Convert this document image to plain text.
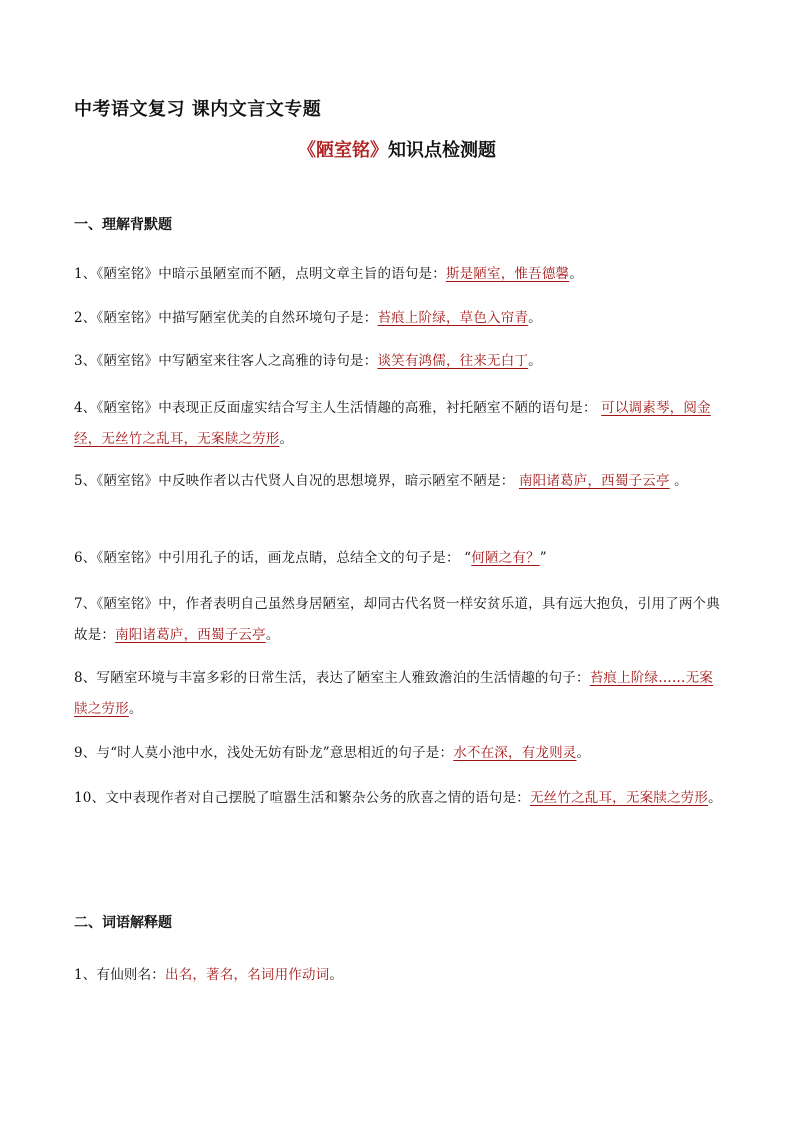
中考语文复习 课内文言文专题
《陋室铭》知识点检测题
一、理解背默题

1、《陋室铭》中暗示虽陋室而不陋，点明文章主旨的语句是：斯是陋室，惟吾德馨。

2、《陋室铭》中描写陋室优美的自然环境句子是：苔痕上阶绿，草色入帘青。

3、《陋室铭》中写陋室来往客人之高雅的诗句是：谈笑有鸿儒，往来无白丁。

4、《陋室铭》中表现正反面虚实结合写主人生活情趣的高雅，衬托陋室不陋的语句是： 可以调素琴，阅金经，无丝竹之乱耳，无案牍之劳形。

5、《陋室铭》中反映作者以古代贤人自况的思想境界，暗示陋室不陋是： 南阳诸葛庐，西蜀子云亭 。

6、《陋室铭》中引用孔子的话，画龙点睛，总结全文的句子是： “何陋之有？”

7、《陋室铭》中，作者表明自己虽然身居陋室，却同古代名贤一样安贫乐道，具有远大抱负，引用了两个典故是：南阳诸葛庐，西蜀子云亭。

8、写陋室环境与丰富多彩的日常生活，表达了陋室主人雅致澹泊的生活情趣的句子：苔痕上阶绿……无案牍之劳形。

9、与“时人莫小池中水，浅处无妨有卧龙”意思相近的句子是：水不在深，有龙则灵。

10、文中表现作者对自己摆脱了喧嚣生活和繁杂公务的欣喜之情的语句是：无丝竹之乱耳，无案牍之劳形。

二、词语解释题

1、有仙则名：出名，著名，名词用作动词。
